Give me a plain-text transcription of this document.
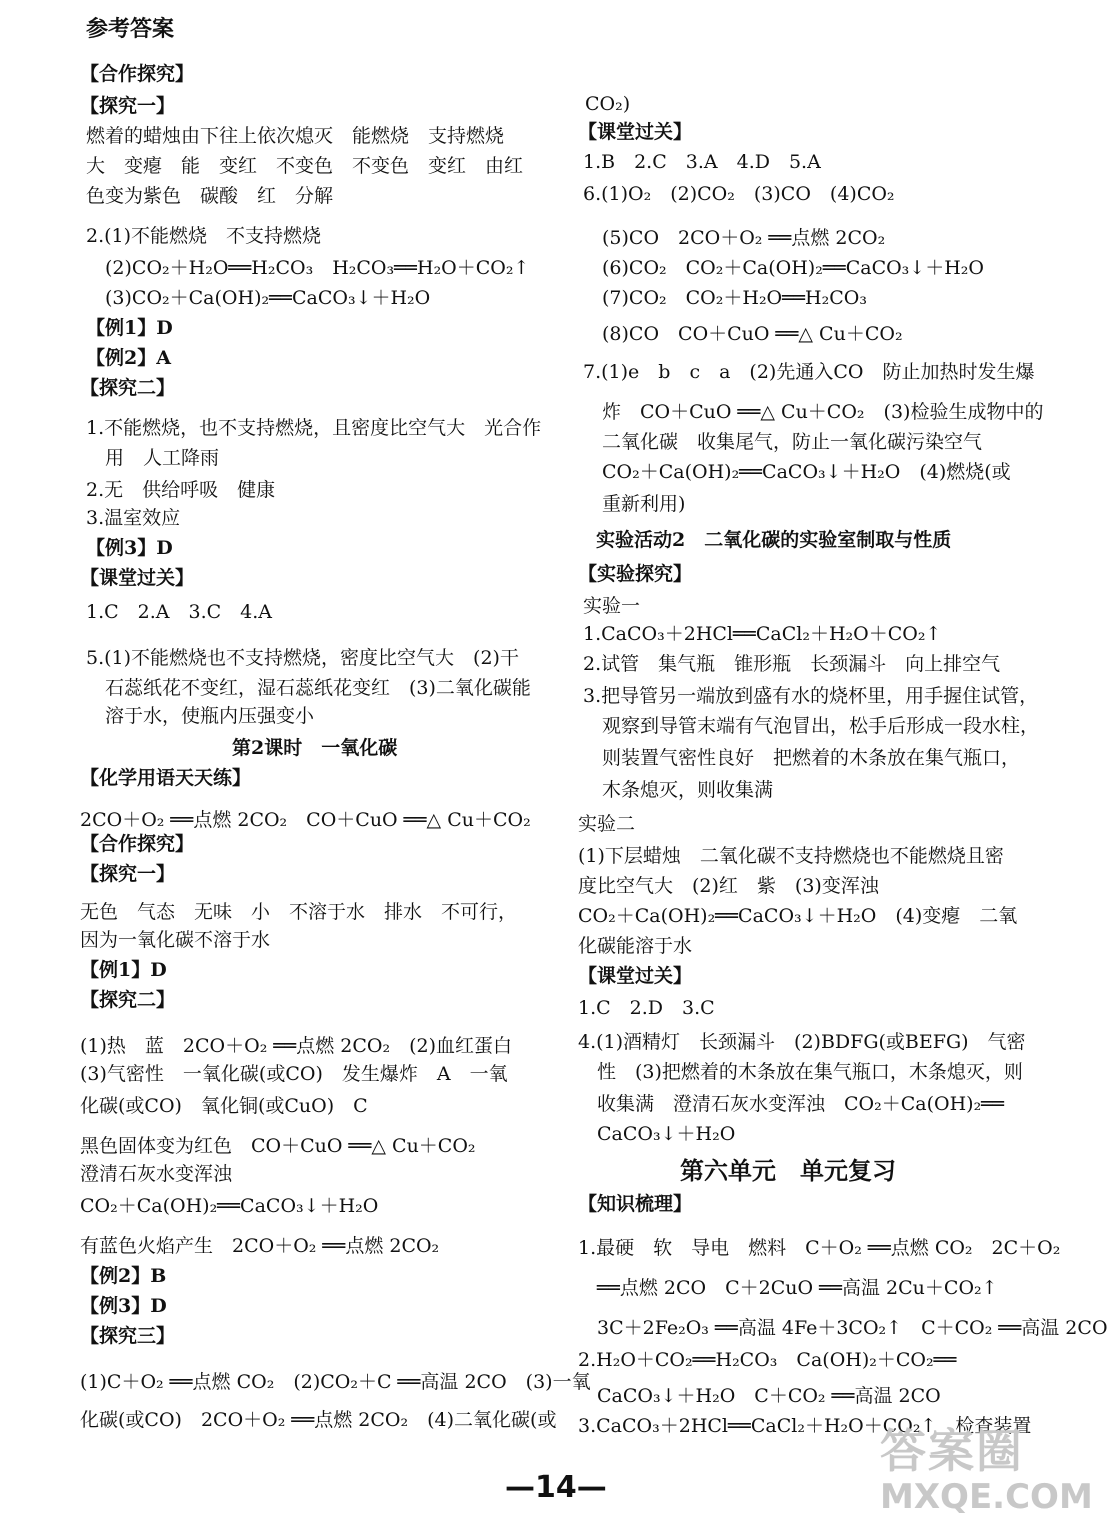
参考答案
【合作探究】
【探究一】
燃着的蜡烛由下往上依次熄灭　能燃烧　支持燃烧
大　变瘪　能　变红　不变色　不变色　变红　由红
色变为紫色　碳酸　红　分解
2.(1)不能燃烧　不支持燃烧
　(2)CO₂＋H₂O══H₂CO₃　H₂CO₃══H₂O＋CO₂↑
　(3)CO₂＋Ca(OH)₂══CaCO₃↓＋H₂O
【例1】D
【例2】A
【探究二】
1.不能燃烧，也不支持燃烧，且密度比空气大　光合作
　用　人工降雨
2.无　供给呼吸　健康
3.温室效应
【例3】D
【课堂过关】
1.C　2.A　3.C　4.A
5.(1)不能燃烧也不支持燃烧，密度比空气大　(2)干
　石蕊纸花不变红，湿石蕊纸花变红　(3)二氧化碳能
　溶于水，使瓶内压强变小
第2课时　一氧化碳
【化学用语天天练】
2CO＋O₂ ══点燃 2CO₂　CO＋CuO ══△ Cu＋CO₂
【合作探究】
【探究一】
无色　气态　无味　小　不溶于水　排水　不可行，
因为一氧化碳不溶于水
【例1】D
【探究二】
(1)热　蓝　2CO＋O₂ ══点燃 2CO₂　(2)血红蛋白
(3)气密性　一氧化碳(或CO)　发生爆炸　A　一氧
化碳(或CO)　氧化铜(或CuO)　C
黑色固体变为红色　CO＋CuO ══△ Cu＋CO₂
澄清石灰水变浑浊
CO₂＋Ca(OH)₂══CaCO₃↓＋H₂O
有蓝色火焰产生　2CO＋O₂ ══点燃 2CO₂
【例2】B
【例3】D
【探究三】
(1)C＋O₂ ══点燃 CO₂　(2)CO₂＋C ══高温 2CO　(3)一氧
化碳(或CO)　2CO＋O₂ ══点燃 2CO₂　(4)二氧化碳(或
CO₂)
【课堂过关】
1.B　2.C　3.A　4.D　5.A
6.(1)O₂　(2)CO₂　(3)CO　(4)CO₂
　(5)CO　2CO＋O₂ ══点燃 2CO₂
　(6)CO₂　CO₂＋Ca(OH)₂══CaCO₃↓＋H₂O
　(7)CO₂　CO₂＋H₂O══H₂CO₃
　(8)CO　CO＋CuO ══△ Cu＋CO₂
7.(1)e　b　c　a　(2)先通入CO　防止加热时发生爆
　炸　CO＋CuO ══△ Cu＋CO₂　(3)检验生成物中的
　二氧化碳　收集尾气，防止一氧化碳污染空气
　CO₂＋Ca(OH)₂══CaCO₃↓＋H₂O　(4)燃烧(或
　重新利用)
实验活动2　二氧化碳的实验室制取与性质
【实验探究】
实验一
1.CaCO₃＋2HCl══CaCl₂＋H₂O＋CO₂↑
2.试管　集气瓶　锥形瓶　长颈漏斗　向上排空气
3.把导管另一端放到盛有水的烧杯里，用手握住试管，
　观察到导管末端有气泡冒出，松手后形成一段水柱，
　则装置气密性良好　把燃着的木条放在集气瓶口，
　木条熄灭，则收集满
实验二
(1)下层蜡烛　二氧化碳不支持燃烧也不能燃烧且密
度比空气大　(2)红　紫　(3)变浑浊
CO₂＋Ca(OH)₂══CaCO₃↓＋H₂O　(4)变瘪　二氧
化碳能溶于水
【课堂过关】
1.C　2.D　3.C
4.(1)酒精灯　长颈漏斗　(2)BDFG(或BEFG)　气密
　性　(3)把燃着的木条放在集气瓶口，木条熄灭，则
　收集满　澄清石灰水变浑浊　CO₂＋Ca(OH)₂══
　CaCO₃↓＋H₂O
第六单元　单元复习
【知识梳理】
1.最硬　软　导电　燃料　C＋O₂ ══点燃 CO₂　2C＋O₂
　══点燃 2CO　C＋2CuO ══高温 2Cu＋CO₂↑
　3C＋2Fe₂O₃ ══高温 4Fe＋3CO₂↑　C＋CO₂ ══高温 2CO
2.H₂O＋CO₂══H₂CO₃　Ca(OH)₂＋CO₂══
　CaCO₃↓＋H₂O　C＋CO₂ ══高温 2CO
3.CaCO₃＋2HCl══CaCl₂＋H₂O＋CO₂↑　检查装置
—14—
答案圈
MXQE.COM
